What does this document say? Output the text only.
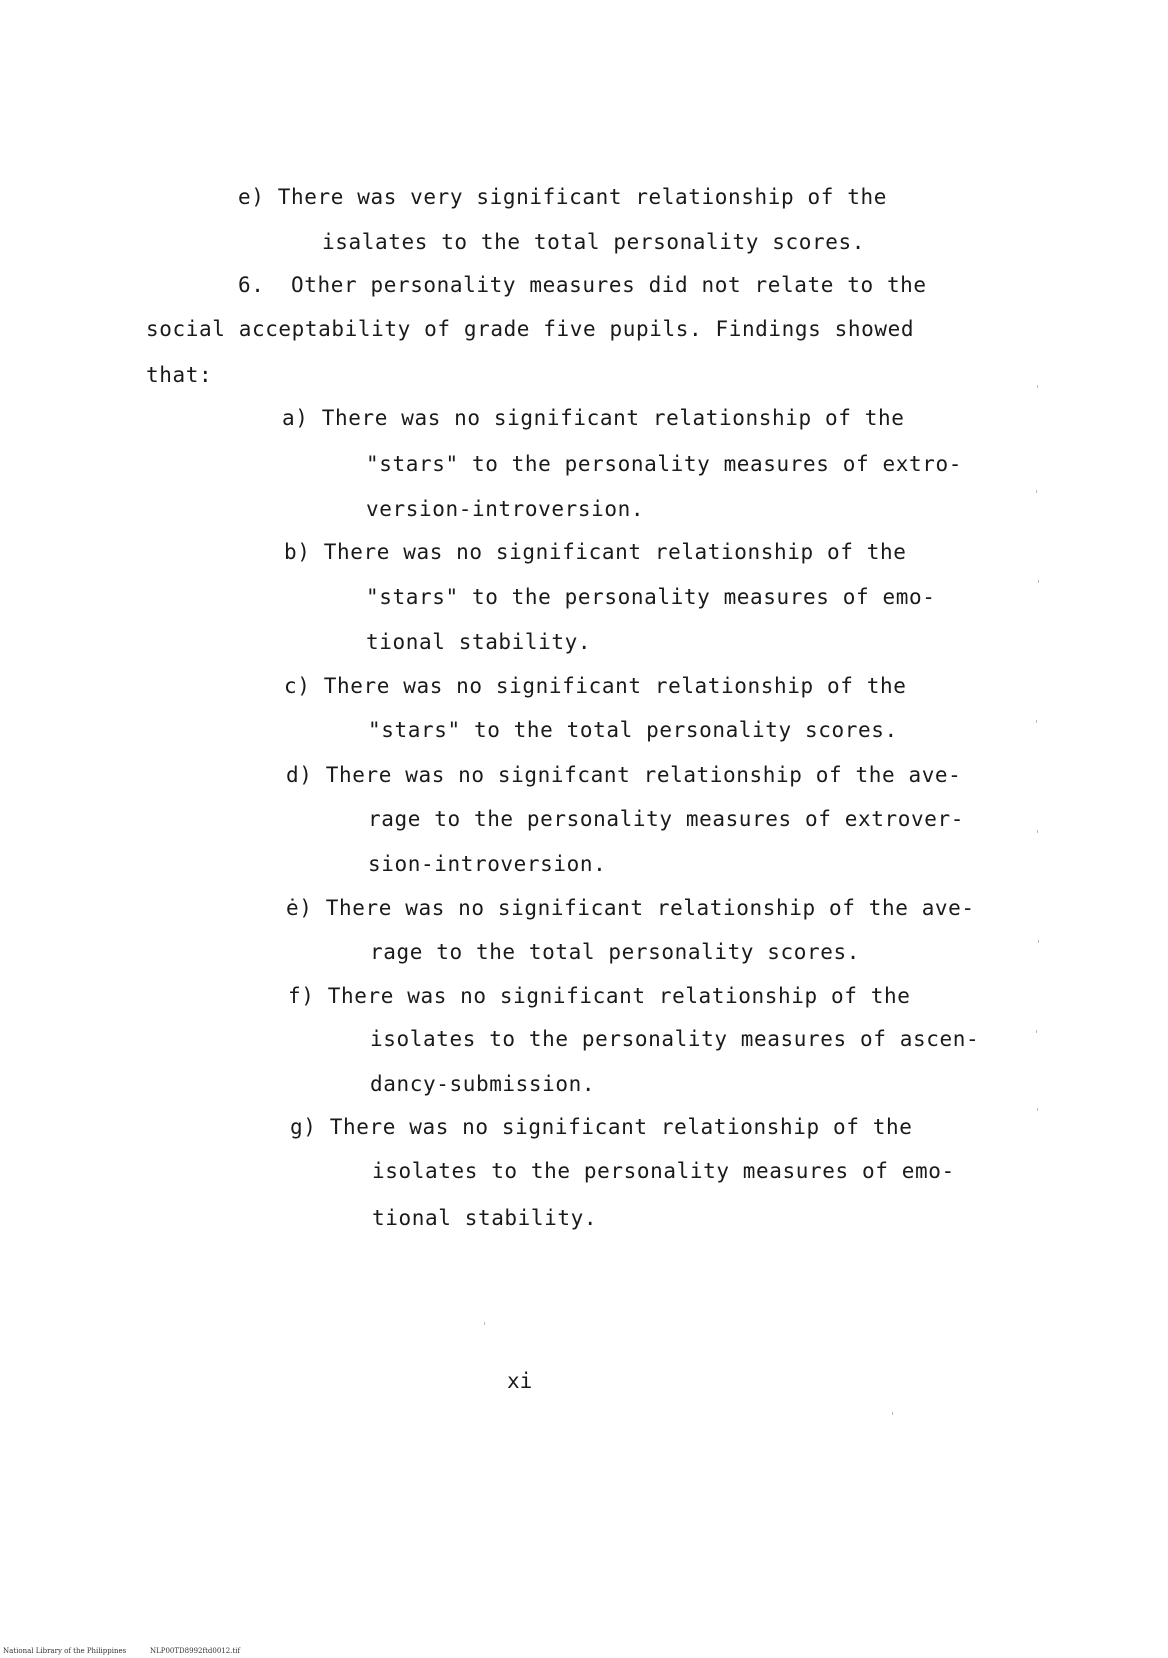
e) There was very significant relationship of the
isalates to the total personality scores.
6. Other personality measures did not relate to the
social acceptability of grade five pupils. Findings showed
that:
a) There was no significant relationship of the
"stars" to the personality measures of extro-
version-introversion.
b) There was no significant relationship of the
"stars" to the personality measures of emo-
tional stability.
c) There was no significant relationship of the
"stars" to the total personality scores.
d) There was no signifcant relationship of the ave-
rage to the personality measures of extrover-
sion-introversion.
ė) There was no significant relationship of the ave-
rage to the total personality scores.
f) There was no significant relationship of the
isolates to the personality measures of ascen-
dancy-submission.
g) There was no significant relationship of the
isolates to the personality measures of emo-
tional stability.
xi
National Library of the Philippines	NLP00TD8992ftd0012.tif
